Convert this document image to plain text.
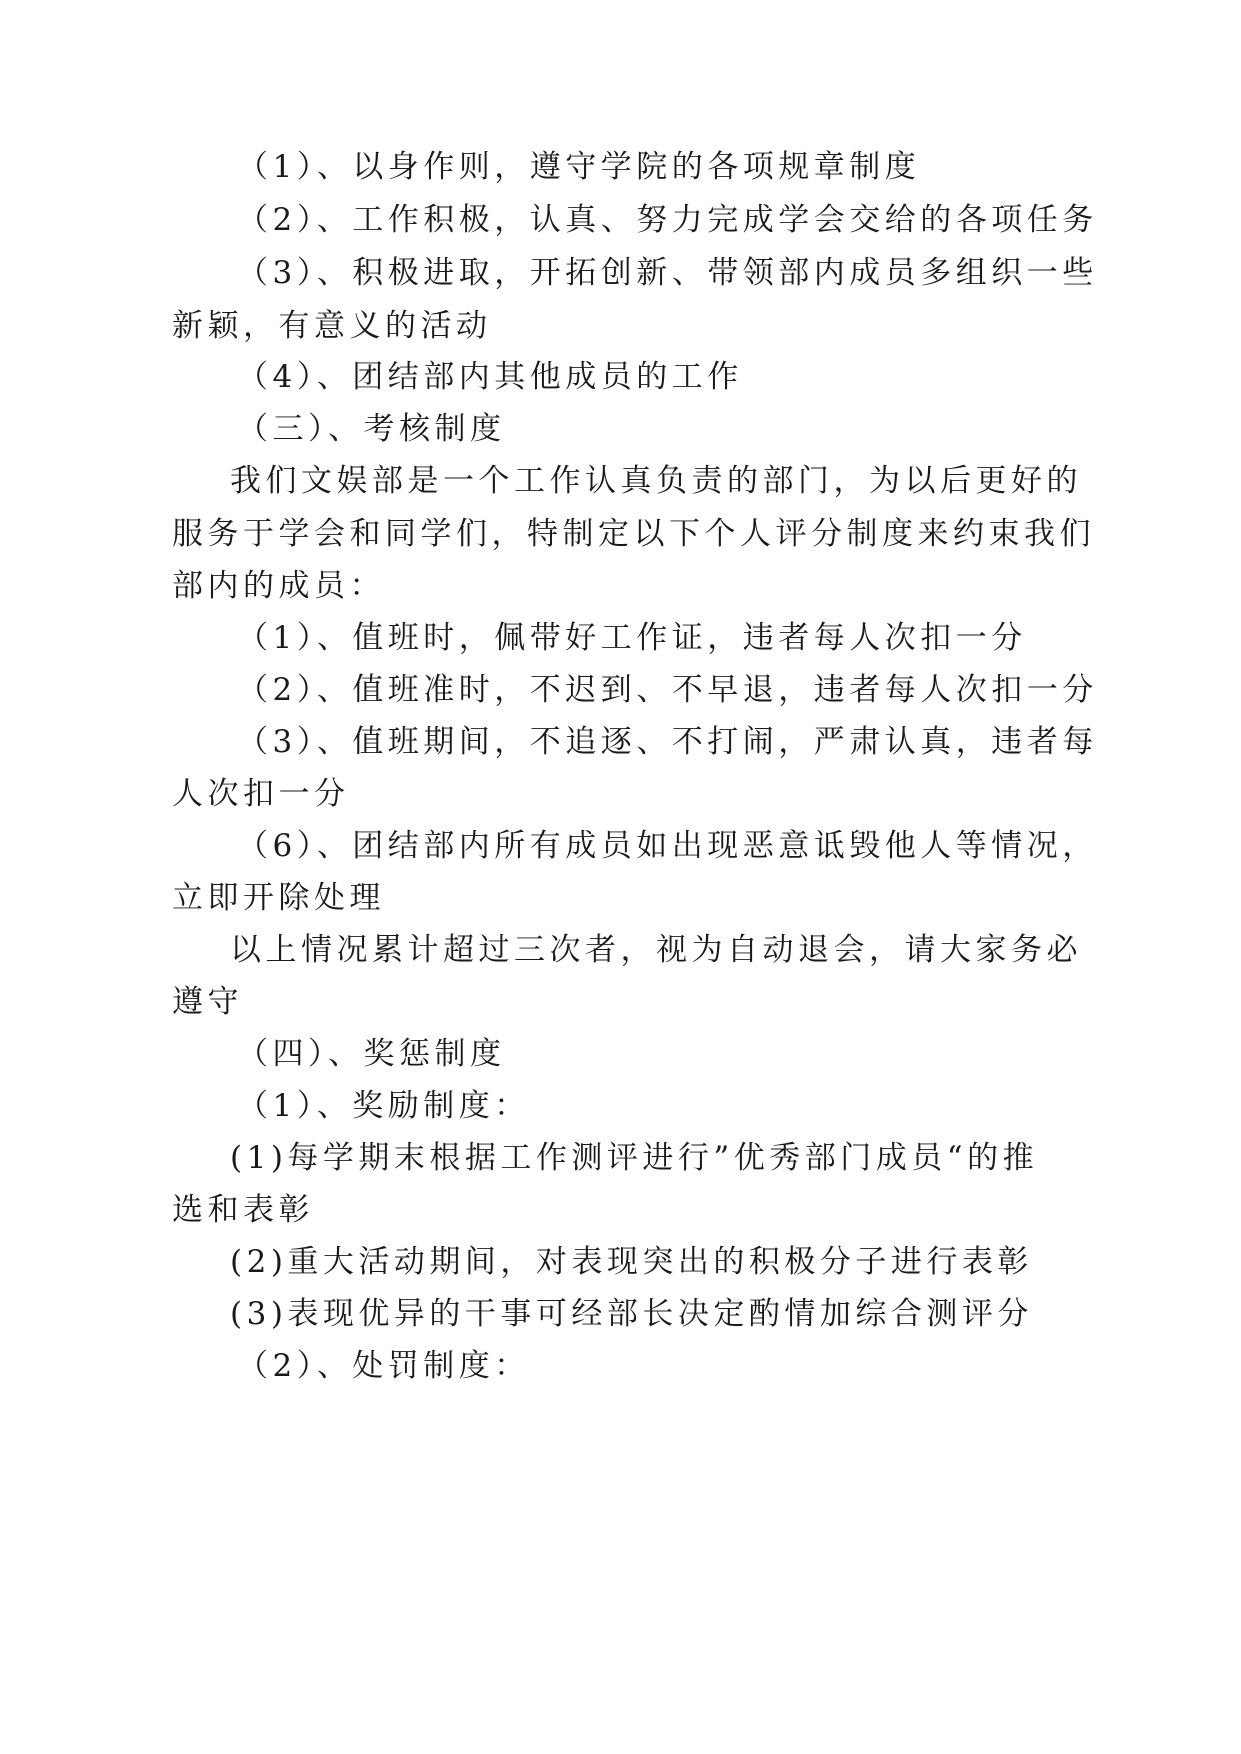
（1）、以身作则，遵守学院的各项规章制度
（2）、工作积极，认真、努力完成学会交给的各项任务
（3）、积极进取，开拓创新、带领部内成员多组织一些
新颖，有意义的活动
（4）、团结部内其他成员的工作
（三）、考核制度
我们文娱部是一个工作认真负责的部门，为以后更好的
服务于学会和同学们，特制定以下个人评分制度来约束我们
部内的成员：
（1）、值班时，佩带好工作证，违者每人次扣一分
（2）、值班准时，不迟到、不早退，违者每人次扣一分
（3）、值班期间，不追逐、不打闹，严肃认真，违者每
人次扣一分
（6）、团结部内所有成员如出现恶意诋毁他人等情况，
立即开除处理
以上情况累计超过三次者，视为自动退会，请大家务必
遵守
（四）、奖惩制度
（1）、奖励制度：
(1)每学期末根据工作测评进行”优秀部门成员“的推
选和表彰
(2)重大活动期间，对表现突出的积极分子进行表彰
(3)表现优异的干事可经部长决定酌情加综合测评分
（2）、处罚制度：
